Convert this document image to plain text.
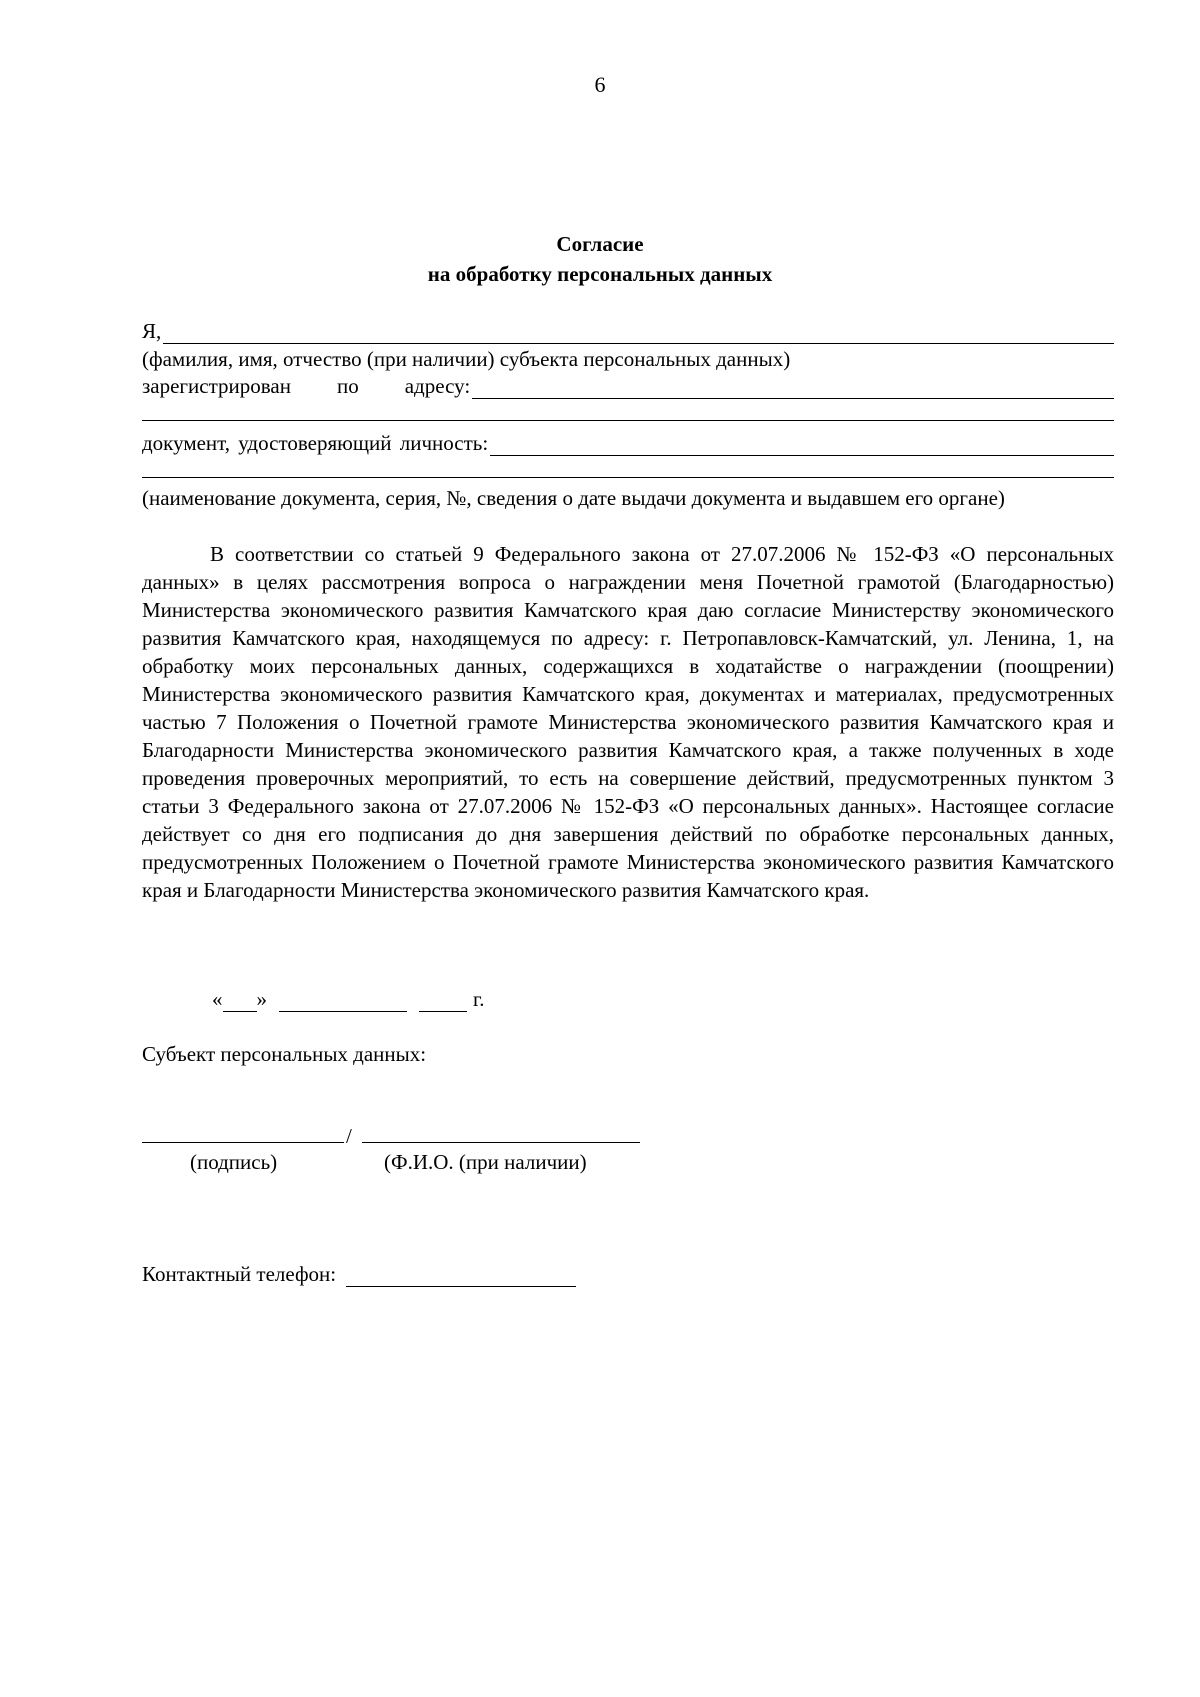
6
Согласие
на обработку персональных данных
Я,
(фамилия, имя, отчество (при наличии) субъекта персональных данных)
зарегистрирован по адресу:
документ, удостоверяющий личность:

(наименование документа, серия, №, сведения о дате выдачи документа и выдавшем его органе)

В соответствии со статьей 9 Федерального закона от 27.07.2006 № 152-ФЗ «О персональных данных» в целях рассмотрения вопроса о награждении меня Почетной грамотой (Благодарностью) Министерства экономического развития Камчатского края даю согласие Министерству экономического развития Камчатского края, находящемуся по адресу: г. Петропавловск-Камчатский, ул. Ленина, 1, на обработку моих персональных данных, содержащихся в ходатайстве о награждении (поощрении) Министерства экономического развития Камчатского края, документах и материалах, предусмотренных частью 7 Положения о Почетной грамоте Министерства экономического развития Камчатского края и Благодарности Министерства экономического развития Камчатского края, а также полученных в ходе проведения проверочных мероприятий, то есть на совершение действий, предусмотренных пунктом 3 статьи 3 Федерального закона от 27.07.2006 № 152-ФЗ «О персональных данных». Настоящее согласие действует со дня его подписания до дня завершения действий по обработке персональных данных, предусмотренных Положением о Почетной грамоте Министерства экономического развития Камчатского края и Благодарности Министерства экономического развития Камчатского края.

« »	г.
Субъект персональных данных:
/
(подпись)	(Ф.И.О. (при наличии)
Контактный телефон:
